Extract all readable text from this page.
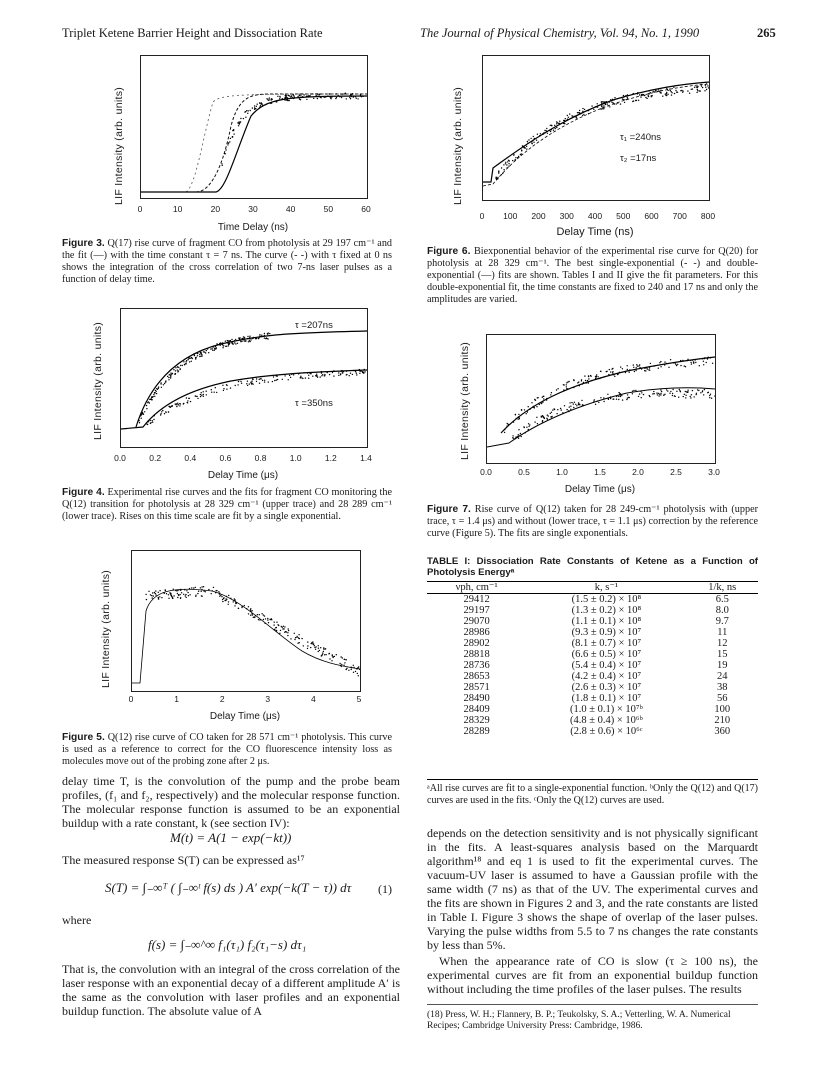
Triplet Ketene Barrier Height and Dissociation Rate	The Journal of Physical Chemistry, Vol. 94, No. 1, 1990	265
LIF Intensity (arb. units)
0	10	20	30	40	50	60
Time Delay (ns)
Figure 3. Q(17) rise curve of fragment CO from photolysis at 29 197 cm⁻¹ and the fit (—) with the time constant τ = 7 ns. The curve (- -) with τ fixed at 0 ns shows the integration of the cross correlation of two 7-ns laser pulses as a function of delay time.
LIF Intensity (arb. units)	τ =207ns
τ =350ns
0.0	0.2	0.4	0.6	0.8	1.0	1.2	1.4
Delay Time (μs)
Figure 4. Experimental rise curves and the fits for fragment CO monitoring the Q(12) transition for photolysis at 28 329 cm⁻¹ (upper trace) and 28 289 cm⁻¹ (lower trace). Rises on this time scale are fit by a single exponential.
LIF Intensity (arb. units)
0	1	2	3	4	5
Delay Time (μs)
Figure 5. Q(12) rise curve of CO taken for 28 571 cm⁻¹ photolysis. This curve is used as a reference to correct for the CO fluorescence intensity loss as molecules move out of the probing zone after 2 μs.
delay time T, is the convolution of the pump and the probe beam profiles, (f₁ and f₂, respectively) and the molecular response function. The molecular response function is assumed to be an exponential buildup with a rate constant, k (see section IV):
M(t) = A(1 − exp(−kt))
The measured response S(T) can be expressed as¹⁷
S(T) = ∫₋∞ᵀ ( ∫₋∞ᵗ f(s) ds ) A′ exp(−k(T − τ)) dτ (1)
where
f(s) = ∫₋∞^∞ f₁(τ₁) f₂(τ₁−s) dτ₁
That is, the convolution with an integral of the cross correlation of the laser response with an exponential decay of a different amplitude A′ is the same as the convolution with laser profiles and an exponential buildup function. The absolute value of A
LIF Intensity (arb. units)	τ₁ =240ns
τ₂ =17ns
0 100 200 300 400 500 600 700 800
Delay Time (ns)
Figure 6. Biexponential behavior of the experimental rise curve for Q(20) for photolysis at 28 329 cm⁻¹. The best single-exponential (- -) and double-exponential (—) fits are shown. Tables I and II give the fit parameters. For this double-exponential fit, the time constants are fixed to 240 and 17 ns and only the amplitudes are varied.
LIF Intensity (arb. units)
0.0	0.5	1.0	1.5	2.0	2.5	3.0
Delay Time (μs)
Figure 7. Rise curve of Q(12) taken for 28 249-cm⁻¹ photolysis with (upper trace, τ = 1.4 μs) and without (lower trace, τ = 1.1 μs) correction by the reference curve (Figure 5). The fits are single exponentials.
TABLE I: Dissociation Rate Constants of Ketene as a Function of Photolysis Energyᵃ
νph, cm⁻¹	k, s⁻¹	1/k, ns
29412	(1.5 ± 0.2) × 10⁸	6.5
29197	(1.3 ± 0.2) × 10⁸	8.0
29070	(1.1 ± 0.1) × 10⁸	9.7
28986	(9.3 ± 0.9) × 10⁷	11
28902	(8.1 ± 0.7) × 10⁷	12
28818	(6.6 ± 0.5) × 10⁷	15
28736	(5.4 ± 0.4) × 10⁷	19
28653	(4.2 ± 0.4) × 10⁷	24
28571	(2.6 ± 0.3) × 10⁷	38
28490	(1.8 ± 0.1) × 10⁷	56
28409	(1.0 ± 0.1) × 10⁷ᵇ	100
28329	(4.8 ± 0.4) × 10⁶ᵇ	210
28289	(2.8 ± 0.6) × 10⁶ᶜ	360
ᵃAll rise curves are fit to a single-exponential function. ᵇOnly the Q(12) and Q(17) curves are used in the fits. ᶜOnly the Q(12) curves are used.
depends on the detection sensitivity and is not physically significant in the fits. A least-squares analysis based on the Marquardt algorithm¹⁸ and eq 1 is used to fit the experimental curves. The vacuum-UV laser is assumed to have a Gaussian profile with the same width (7 ns) as that of the UV. The experimental curves and the fits are shown in Figures 2 and 3, and the rate constants are listed in Table I. Figure 3 shows the shape of overlap of the laser pulses. Varying the pulse widths from 5.5 to 7 ns changes the rate constants by less than 5%.
When the appearance rate of CO is slow (τ ≥ 100 ns), the experimental curves are fit from an exponential buildup function without including the time profiles of the laser pulses. The results
(18) Press, W. H.; Flannery, B. P.; Teukolsky, S. A.; Vetterling, W. A. Numerical Recipes; Cambridge University Press: Cambridge, 1986.
